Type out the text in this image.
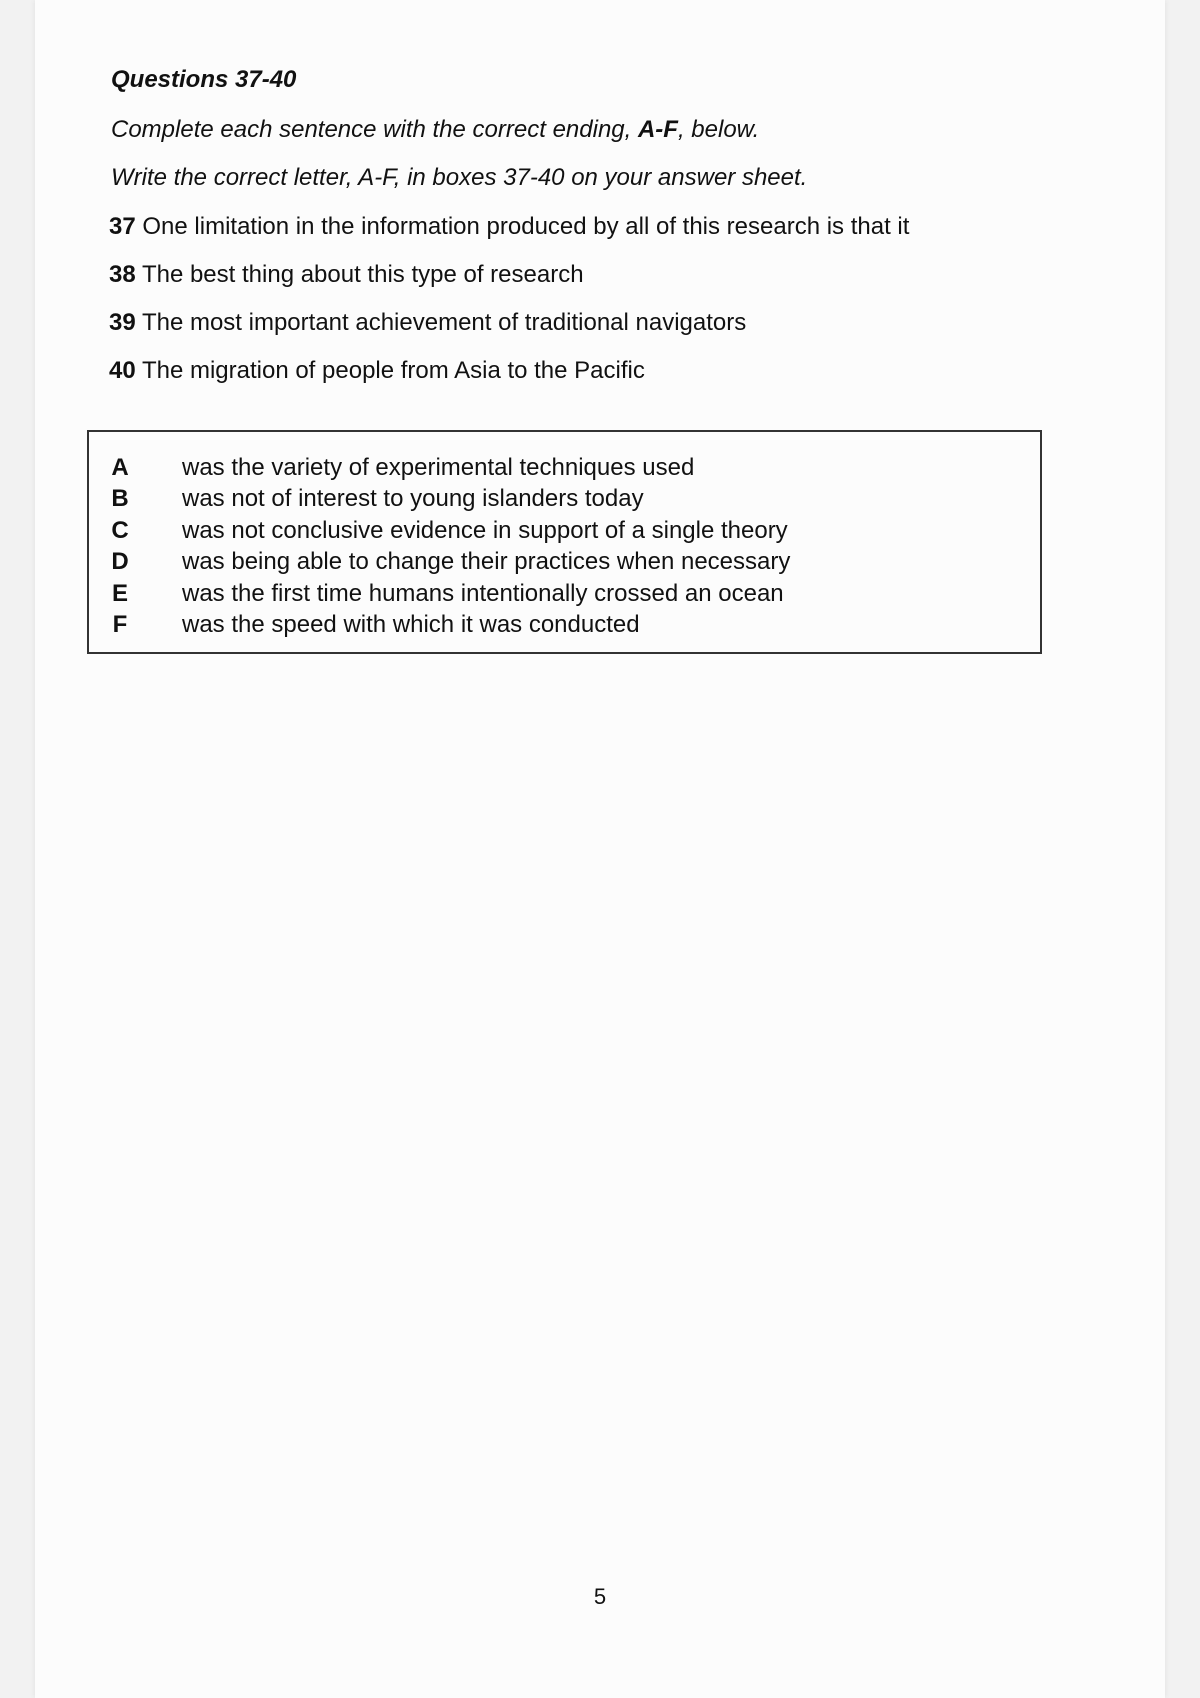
Questions 37-40

Complete each sentence with the correct ending, A-F, below.

Write the correct letter, A-F, in boxes 37-40 on your answer sheet.

37 One limitation in the information produced by all of this research is that it

38 The best thing about this type of research

39 The most important achievement of traditional navigators

40 The migration of people from Asia to the Pacific

A was the variety of experimental techniques used
B was not of interest to young islanders today
C was not conclusive evidence in support of a single theory
D was being able to change their practices when necessary
E was the first time humans intentionally crossed an ocean
F was the speed with which it was conducted
5
